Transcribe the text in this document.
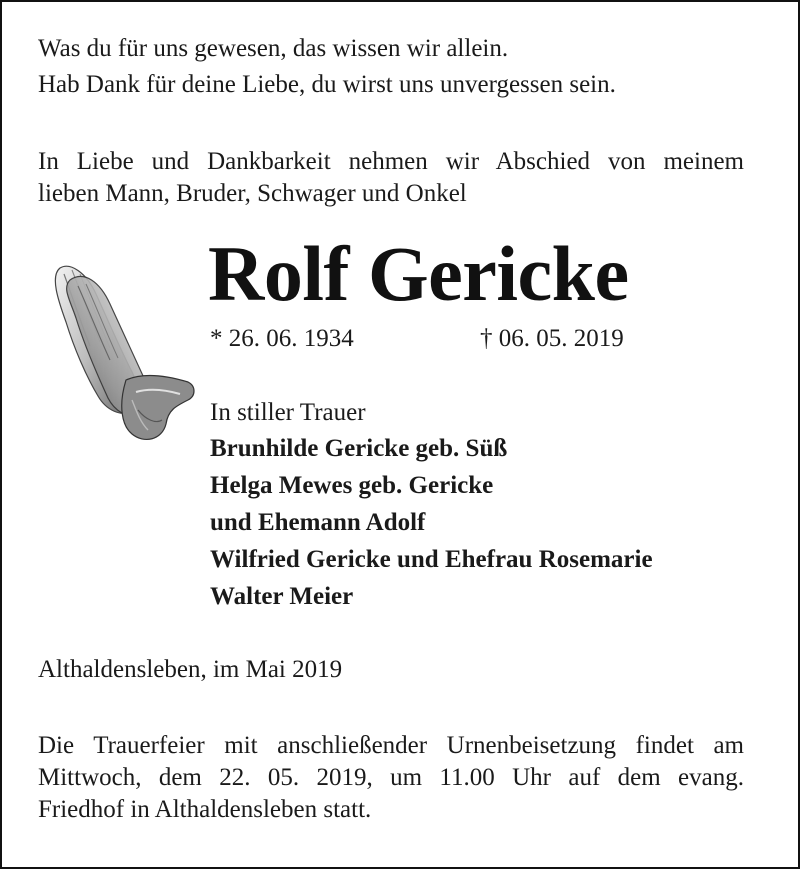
Was du für uns gewesen, das wissen wir allein.
Hab Dank für deine Liebe, du wirst uns unvergessen sein.
In Liebe und Dankbarkeit nehmen wir Abschied von meinem
lieben Mann, Bruder, Schwager und Onkel
Rolf Gericke
* 26. 06. 1934	† 06. 05. 2019
In stiller Trauer
Brunhilde Gericke geb. Süß
Helga Mewes geb. Gericke
und Ehemann Adolf
Wilfried Gericke und Ehefrau Rosemarie
Walter Meier
Althaldensleben, im Mai 2019
Die Trauerfeier mit anschließender Urnenbeisetzung findet am
Mittwoch, dem 22. 05. 2019, um 11.00 Uhr auf dem evang.
Friedhof in Althaldensleben statt.
